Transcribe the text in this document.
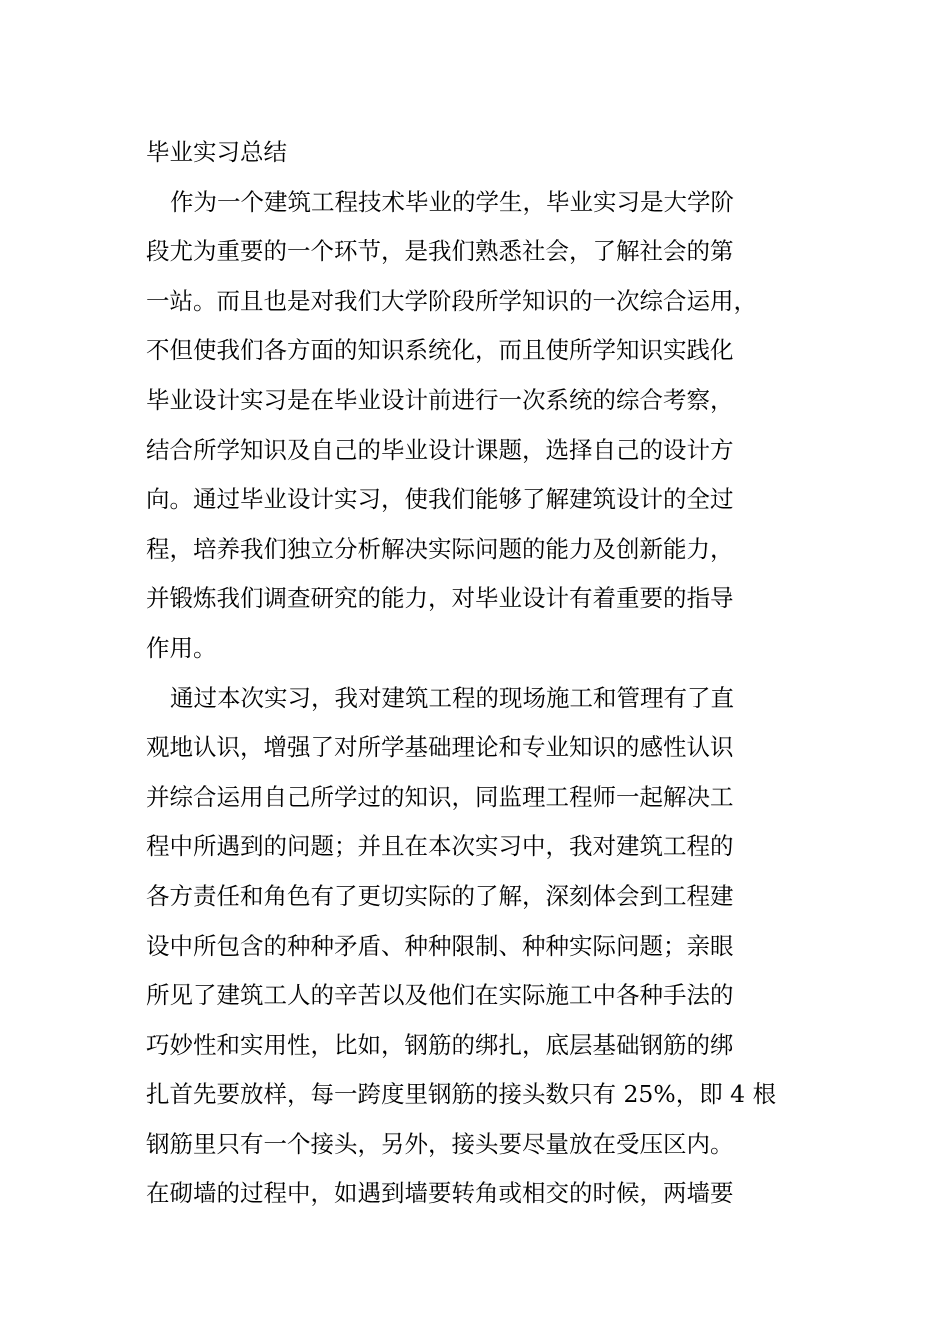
毕业实习总结
作为一个建筑工程技术毕业的学生，毕业实习是大学阶
段尤为重要的一个环节，是我们熟悉社会，了解社会的第
一站。而且也是对我们大学阶段所学知识的一次综合运用，
不但使我们各方面的知识系统化，而且使所学知识实践化
毕业设计实习是在毕业设计前进行一次系统的综合考察，
结合所学知识及自己的毕业设计课题，选择自己的设计方
向。通过毕业设计实习，使我们能够了解建筑设计的全过
程，培养我们独立分析解决实际问题的能力及创新能力，
并锻炼我们调查研究的能力，对毕业设计有着重要的指导
作用。
通过本次实习，我对建筑工程的现场施工和管理有了直
观地认识，增强了对所学基础理论和专业知识的感性认识
并综合运用自己所学过的知识，同监理工程师一起解决工
程中所遇到的问题；并且在本次实习中，我对建筑工程的
各方责任和角色有了更切实际的了解，深刻体会到工程建
设中所包含的种种矛盾、种种限制、种种实际问题；亲眼
所见了建筑工人的辛苦以及他们在实际施工中各种手法的
巧妙性和实用性，比如，钢筋的绑扎，底层基础钢筋的绑
扎首先要放样，每一跨度里钢筋的接头数只有 25%，即 4 根
钢筋里只有一个接头，另外，接头要尽量放在受压区内。
在砌墙的过程中，如遇到墙要转角或相交的时候，两墙要
